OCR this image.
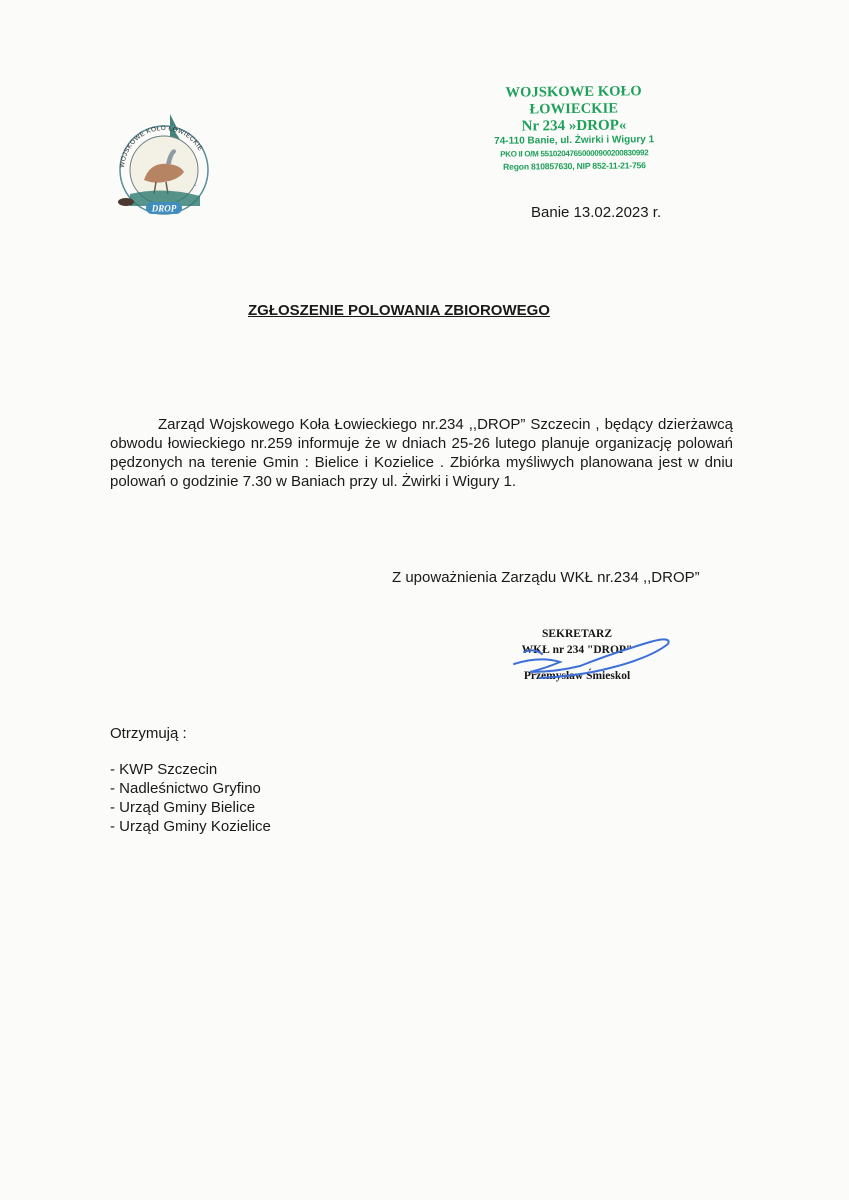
DROP
WOJSKOWE KOŁO ŁOWIECKIE
WOJSKOWE KOŁO ŁOWIECKIE
Nr 234 »DROP«
74-110 Banie, ul. Żwirki i Wigury 1
PKO II O/M 55102047650000900200830992
Regon 810857630, NIP 852-11-21-756
Banie 13.02.2023 r.
ZGŁOSZENIE POLOWANIA ZBIOROWEGO

Zarząd Wojskowego Koła Łowieckiego nr.234 ,,DROP” Szczecin , będący dzierżawcą obwodu łowieckiego nr.259 informuje że w dniach 25-26 lutego planuje organizację polowań pędzonych na terenie Gmin : Bielice i Kozielice . Zbiórka myśliwych planowana jest w dniu polowań o godzinie 7.30 w Baniach przy ul. Żwirki i Wigury 1.

Z upoważnienia Zarządu WKŁ nr.234 ,,DROP”
SEKRETARZ
WKŁ nr 234 "DROP"
Przemysław Śmieskol
Otrzymują :
- KWP Szczecin
- Nadleśnictwo Gryfino
- Urząd Gminy Bielice
- Urząd Gminy Kozielice
